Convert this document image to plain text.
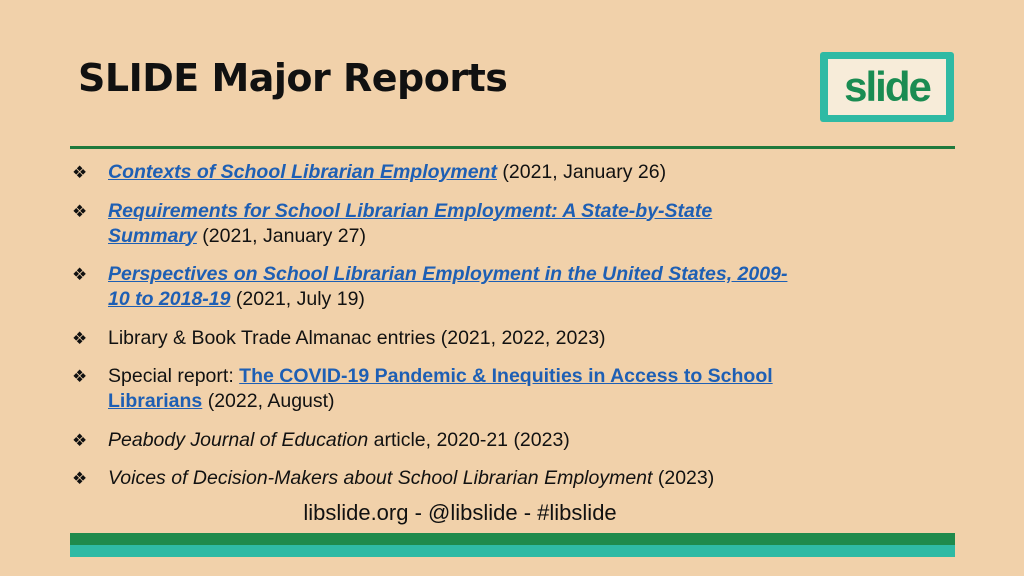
SLIDE Major Reports	slide
❖ Contexts of School Librarian Employment (2021, January 26)
❖ Requirements for School Librarian Employment: A State-by-State Summary (2021, January 27)
❖ Perspectives on School Librarian Employment in the United States, 2009-10 to 2018-19 (2021, July 19)
❖ Library & Book Trade Almanac entries (2021, 2022, 2023)
❖ Special report: The COVID-19 Pandemic & Inequities in Access to School Librarians (2022, August)
❖ Peabody Journal of Education article, 2020-21 (2023)
❖ Voices of Decision-Makers about School Librarian Employment (2023)
libslide.org - @libslide - #libslide
